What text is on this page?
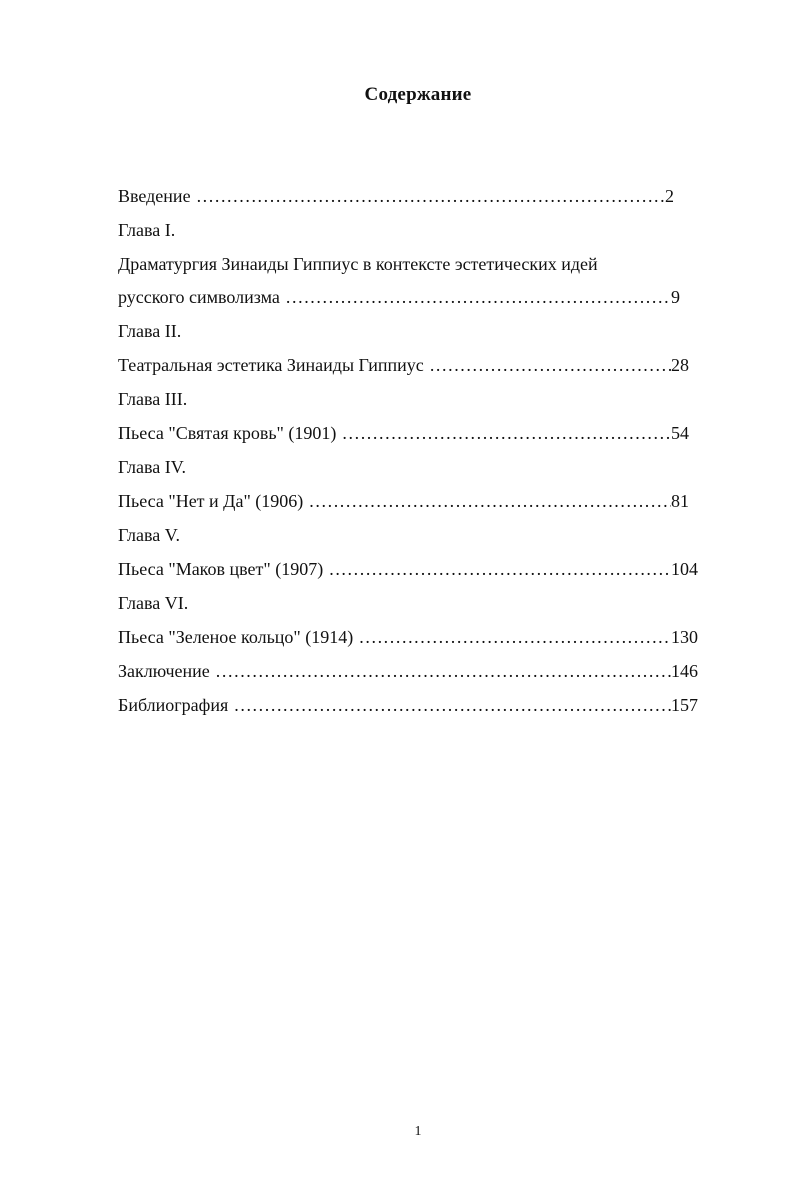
Содержание
Введение .....	2
Глава I.
Драматургия Зинаиды Гиппиус в контексте эстетических идей
русского символизма .....	9
Глава II.
Театральная эстетика Зинаиды Гиппиус .....	28
Глава III.
Пьеса "Святая кровь" (1901) .....	54
Глава IV.
Пьеса "Нет и Да" (1906) .....	81
Глава V.
Пьеса "Маков цвет" (1907) .....	104
Глава VI.
Пьеса "Зеленое кольцо" (1914) .....	130
Заключение .....	146
Библиография .....	157
1
